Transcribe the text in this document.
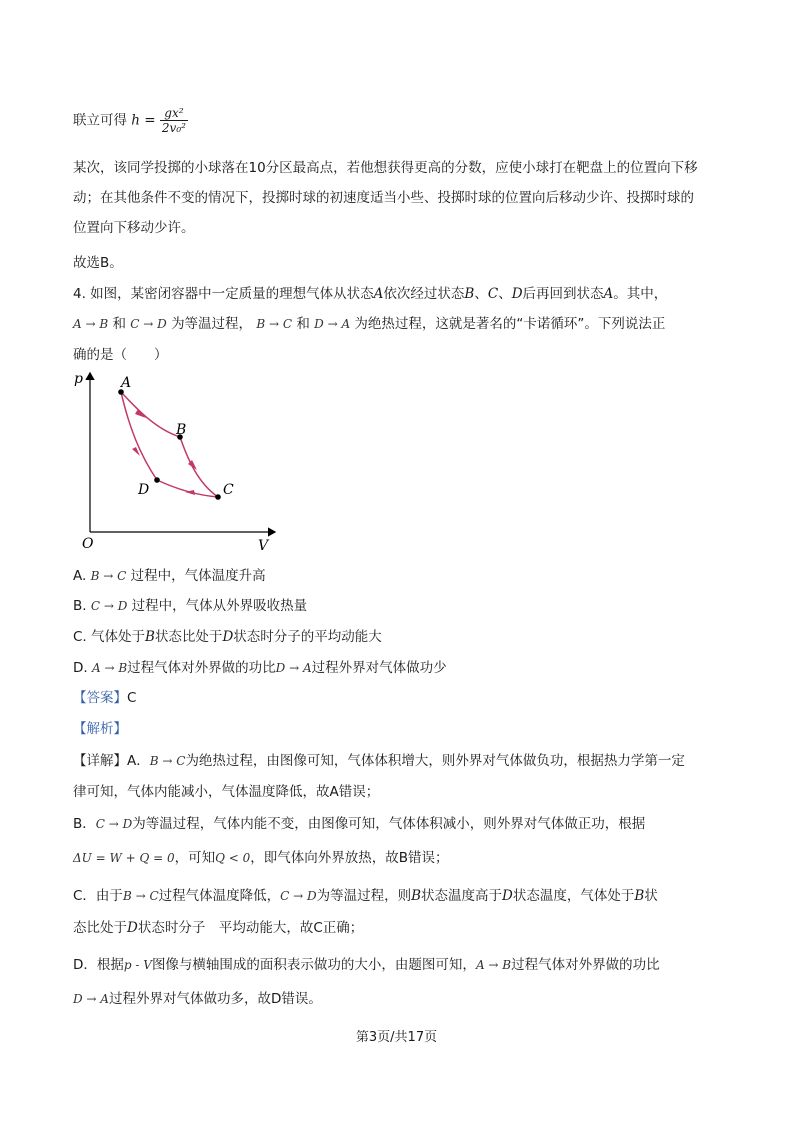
联立可得 $h = \frac{\text{gx²}}{\text{2v₀²}}$
某次，该同学投掷的小球落在10分区最高点，若他想获得更高的分数，应使小球打在靶盘上的位置向下移
动；在其他条件不变的情况下，投掷时球的初速度适当小些、投掷时球的位置向后移动少许、投掷时球的
位置向下移动少许。
故选B。
4. 如图，某密闭容器中一定质量的理想气体从状态A依次经过状态B、C、D后再回到状态A。其中，
A → B 和 C → D 为等温过程， B → C 和 D → A 为绝热过程，这就是著名的“卡诺循环”。下列说法正
确的是（　　）
p
V
O
A
B
C
D
A. B → C 过程中，气体温度升高
B. C → D 过程中，气体从外界吸收热量
C. 气体处于B状态比处于D状态时分子的平均动能大
D. A → B过程气体对外界做的功比D → A过程外界对气体做功少
【答案】C
【解析】
【详解】A．B → C为绝热过程，由图像可知，气体体积增大，则外界对气体做负功，根据热力学第一定
律可知，气体内能减小，气体温度降低，故A错误；
B．C → D为等温过程，气体内能不变，由图像可知，气体体积减小，则外界对气体做正功，根据
ΔU = W + Q = 0，可知Q < 0，即气体向外界放热，故B错误；
C．由于B → C过程气体温度降低，C → D为等温过程，则B状态温度高于D状态温度，气体处于B状
态比处于D状态时分子　平均动能大，故C正确；
D．根据p - V图像与横轴围成的面积表示做功的大小，由题图可知，A → B过程气体对外界做的功比
D → A过程外界对气体做功多，故D错误。
第3页/共17页
